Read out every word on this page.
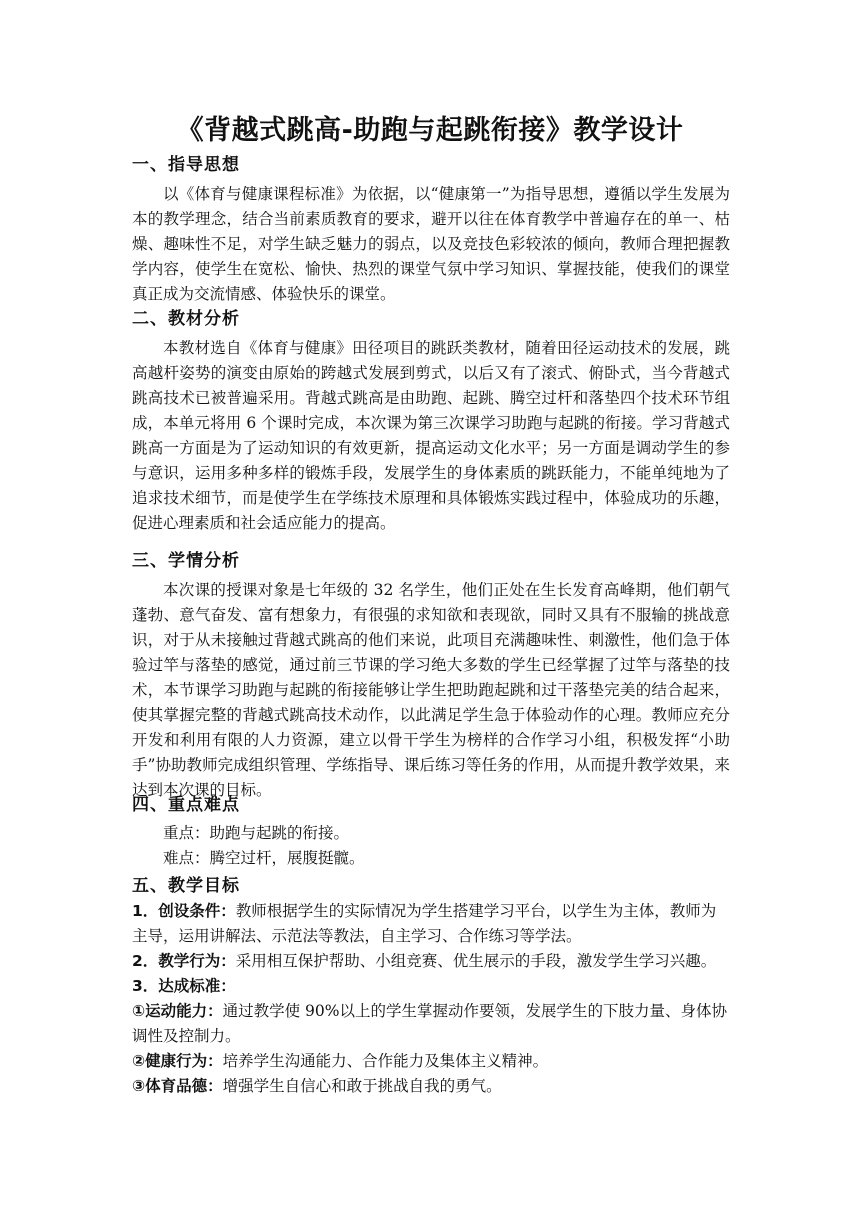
《背越式跳高-助跑与起跳衔接》教学设计
一、指导思想
以《体育与健康课程标准》为依据，以“健康第一”为指导思想，遵循以学生发展为本的教学理念，结合当前素质教育的要求，避开以往在体育教学中普遍存在的单一、枯燥、趣味性不足，对学生缺乏魅力的弱点，以及竞技色彩较浓的倾向，教师合理把握教学内容，使学生在宽松、愉快、热烈的课堂气氛中学习知识、掌握技能，使我们的课堂真正成为交流情感、体验快乐的课堂。
二、教材分析
本教材选自《体育与健康》田径项目的跳跃类教材，随着田径运动技术的发展，跳高越杆姿势的演变由原始的跨越式发展到剪式，以后又有了滚式、俯卧式，当今背越式跳高技术已被普遍采用。背越式跳高是由助跑、起跳、腾空过杆和落垫四个技术环节组成，本单元将用 6 个课时完成，本次课为第三次课学习助跑与起跳的衔接。学习背越式跳高一方面是为了运动知识的有效更新，提高运动文化水平；另一方面是调动学生的参与意识，运用多种多样的锻炼手段，发展学生的身体素质的跳跃能力，不能单纯地为了追求技术细节，而是使学生在学练技术原理和具体锻炼实践过程中，体验成功的乐趣，促进心理素质和社会适应能力的提高。
三、学情分析
本次课的授课对象是七年级的 32 名学生，他们正处在生长发育高峰期，他们朝气蓬勃、意气奋发、富有想象力，有很强的求知欲和表现欲，同时又具有不服输的挑战意识，对于从未接触过背越式跳高的他们来说，此项目充满趣味性、刺激性，他们急于体验过竿与落垫的感觉，通过前三节课的学习绝大多数的学生已经掌握了过竿与落垫的技术，本节课学习助跑与起跳的衔接能够让学生把助跑起跳和过干落垫完美的结合起来，使其掌握完整的背越式跳高技术动作，以此满足学生急于体验动作的心理。教师应充分开发和利用有限的人力资源，建立以骨干学生为榜样的合作学习小组，积极发挥“小助手”协助教师完成组织管理、学练指导、课后练习等任务的作用，从而提升教学效果，来达到本次课的目标。
四、重点难点
重点：助跑与起跳的衔接。
难点：腾空过杆，展腹挺髋。
五、教学目标
1．创设条件：教师根据学生的实际情况为学生搭建学习平台，以学生为主体，教师为主导，运用讲解法、示范法等教法，自主学习、合作练习等学法。
2．教学行为：采用相互保护帮助、小组竞赛、优生展示的手段，激发学生学习兴趣。
3．达成标准：
①运动能力：通过教学使 90%以上的学生掌握动作要领，发展学生的下肢力量、身体协调性及控制力。
②健康行为：培养学生沟通能力、合作能力及集体主义精神。
③体育品德：增强学生自信心和敢于挑战自我的勇气。
